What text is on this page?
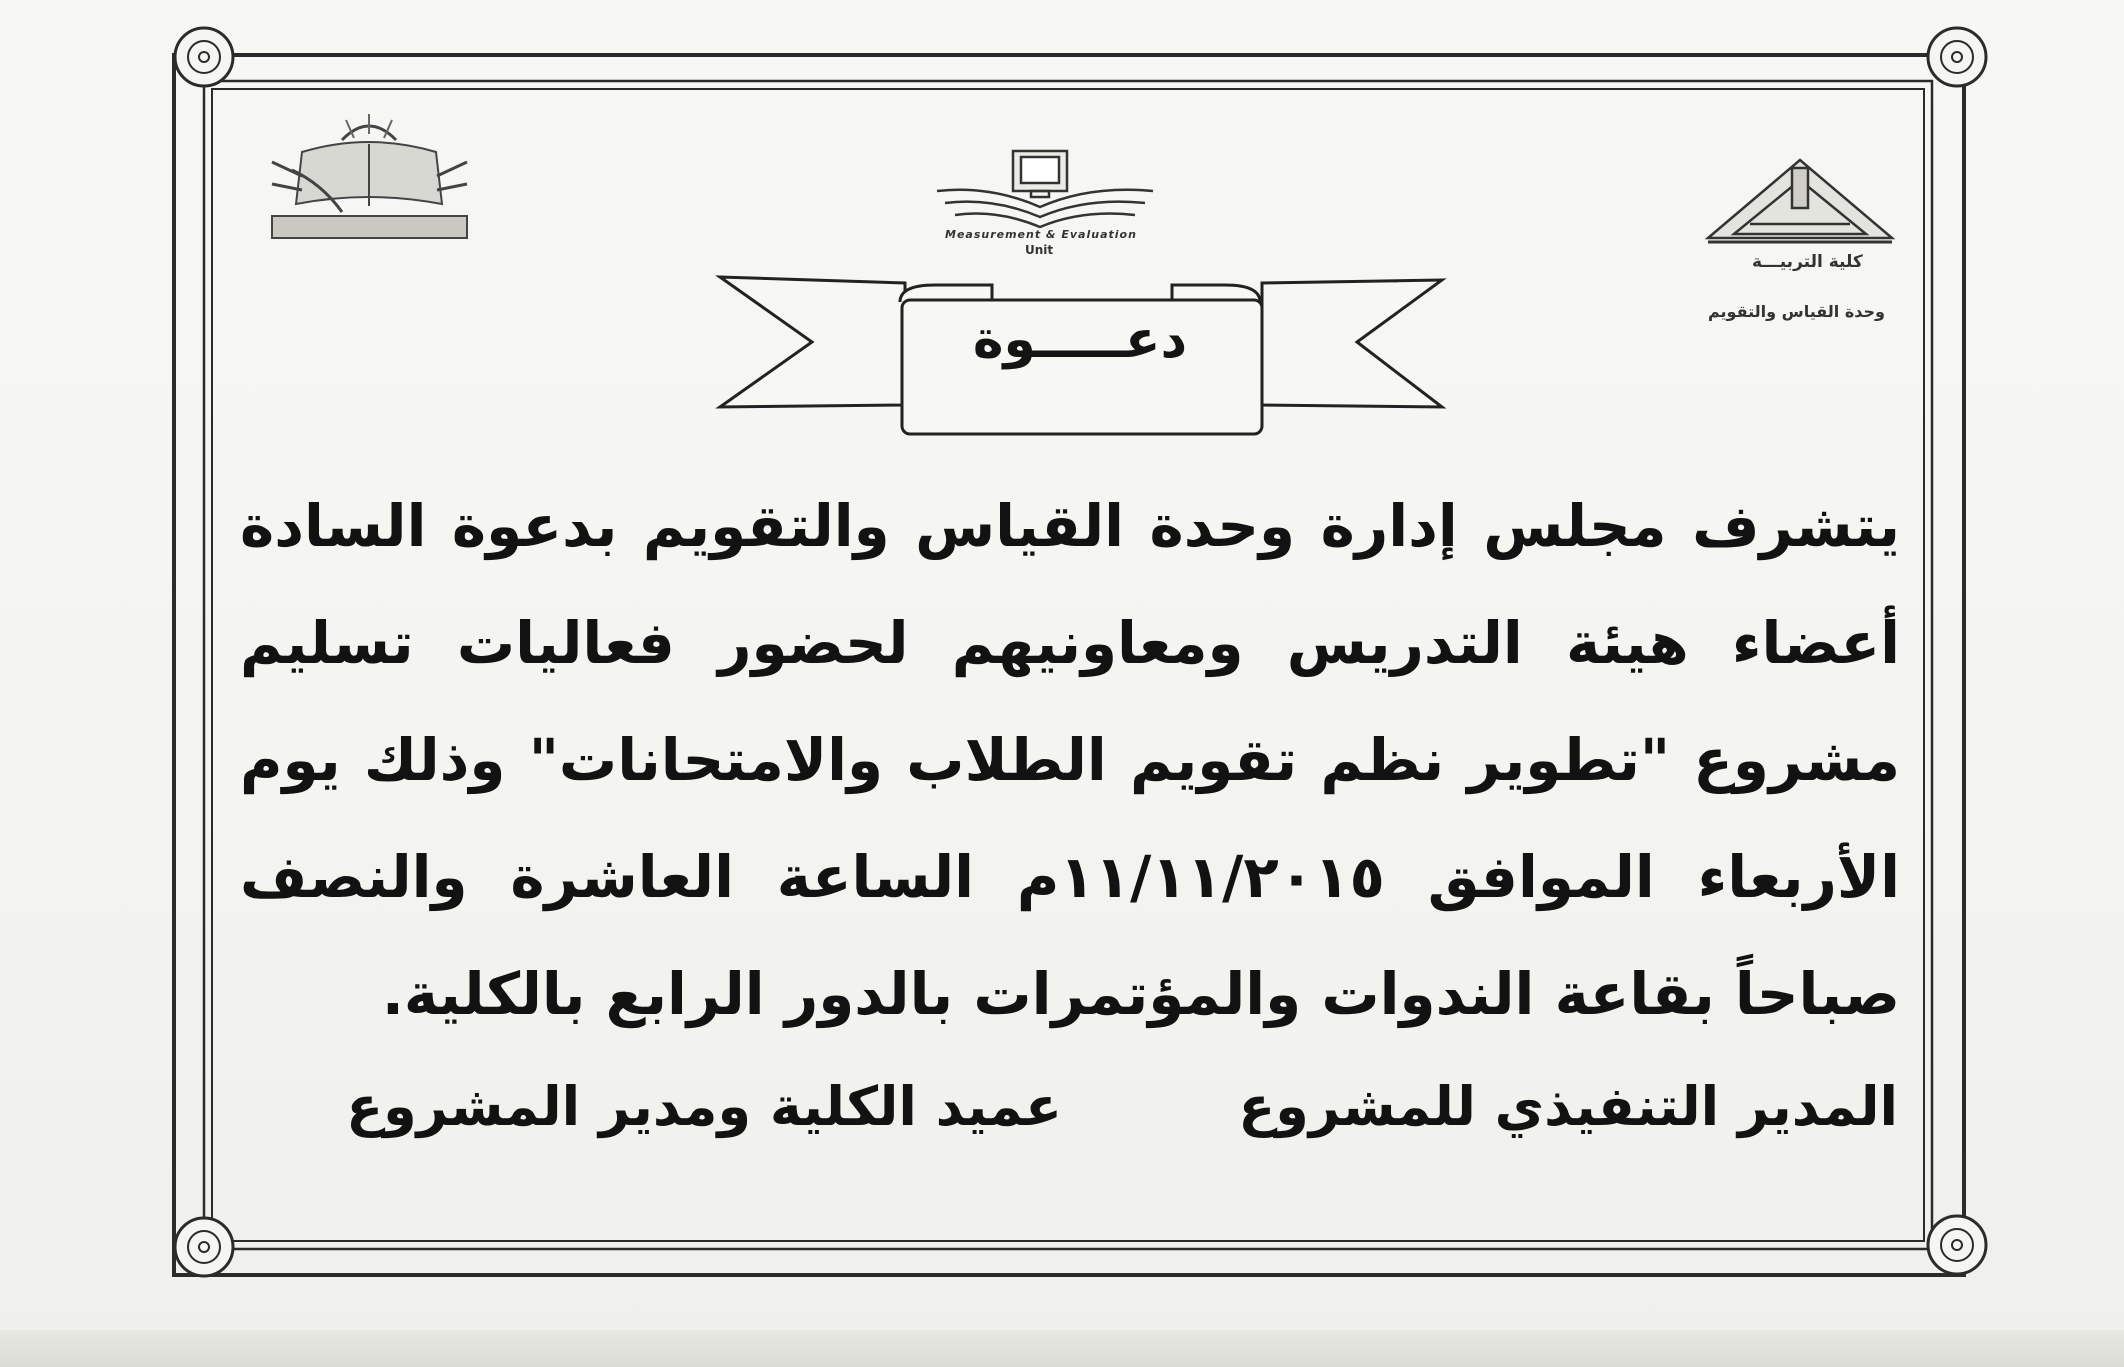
كلية التربيـــة
وحدة القياس والتقويم
Measurement & Evaluation
Unit
دعـــــوة
يتشرف مجلس إدارة وحدة القياس والتقويم بدعوة السادة أعضاء هيئة التدريس ومعاونيهم لحضور فعاليات تسليم مشروع "تطوير نظم تقويم الطلاب والامتحانات" وذلك يوم الأربعاء الموافق ١١/١١/٢٠١٥م الساعة العاشرة والنصف صباحاً بقاعة الندوات والمؤتمرات بالدور الرابع بالكلية.
المدير التنفيذي للمشروع
عميد الكلية ومدير المشروع
